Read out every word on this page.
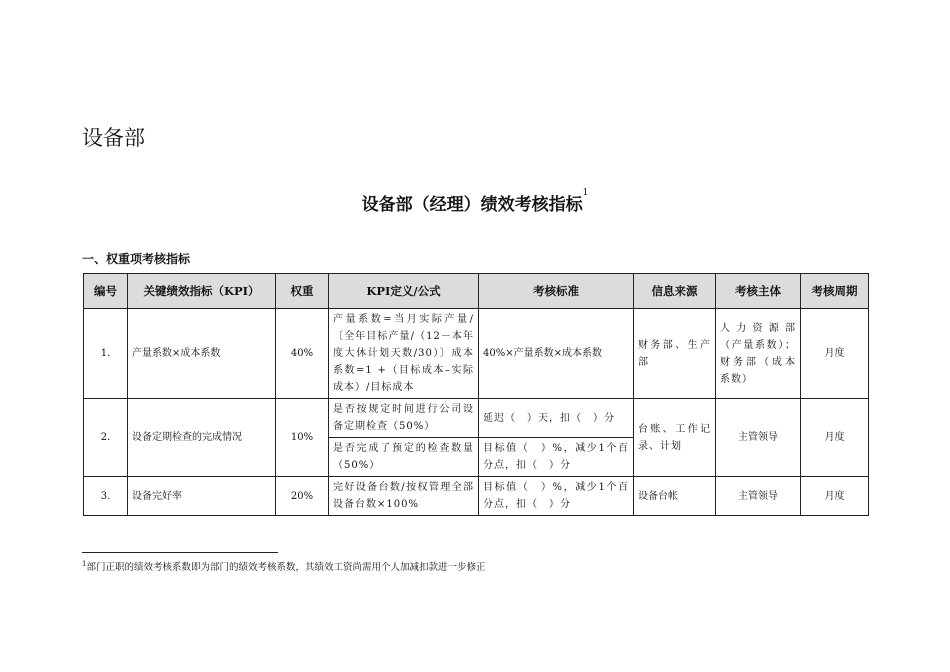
设备部
设备部（经理）绩效考核指标$^1$
一、权重项考核指标
编号	关键绩效指标（KPI）	权重	KPI定义/公式	考核标准	信息来源	考核主体	考核周期
1.	产量系数×成本系数	40%	产量系数=当月实际产量/〔全年目标产量/（12－本年度大休计划天数/30）〕成本系数=1 +（目标成本–实际成本）/目标成本	40%×产量系数×成本系数	财务部、生产部	人力资源部（产量系数）；财务部（成本系数）	月度
2.	设备定期检查的完成情况	10%	是否按规定时间进行公司设备定期检查（50%）	延迟（　）天，扣（　）分	台账、工作记录、计划	主管领导	月度
			是否完成了预定的检查数量（50%）	目标值（　）%，减少1个百分点，扣（　）分			
3.	设备完好率	20%	完好设备台数/按权管理全部设备台数×100%	目标值（　）%，减少1个百分点，扣（　）分	设备台帐	主管领导	月度
$^1$部门正职的绩效考核系数即为部门的绩效考核系数，其绩效工资尚需用个人加减扣款进一步修正
